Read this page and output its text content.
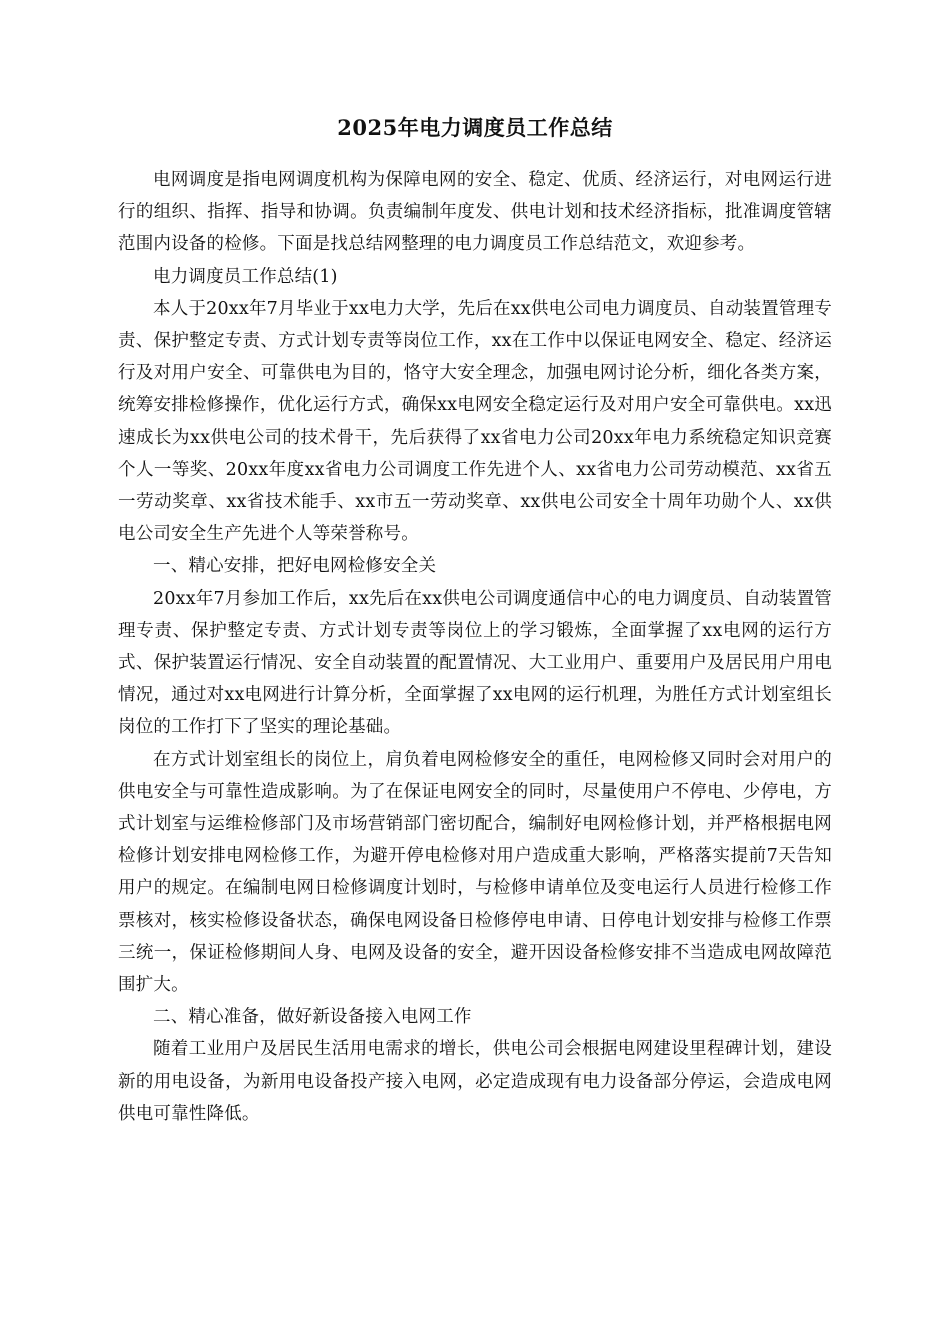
2025年电力调度员工作总结

电网调度是指电网调度机构为保障电网的安全、稳定、优质、经济运行，对电网运行进行的组织、指挥、指导和协调。负责编制年度发、供电计划和技术经济指标，批准调度管辖范围内设备的检修。下面是找总结网整理的电力调度员工作总结范文，欢迎参考。

电力调度员工作总结(1)

本人于20xx年7月毕业于xx电力大学，先后在xx供电公司电力调度员、自动装置管理专责、保护整定专责、方式计划专责等岗位工作，xx在工作中以保证电网安全、稳定、经济运行及对用户安全、可靠供电为目的，恪守大安全理念，加强电网讨论分析，细化各类方案，统筹安排检修操作，优化运行方式，确保xx电网安全稳定运行及对用户安全可靠供电。xx迅速成长为xx供电公司的技术骨干，先后获得了xx省电力公司20xx年电力系统稳定知识竞赛个人一等奖、20xx年度xx省电力公司调度工作先进个人、xx省电力公司劳动模范、xx省五一劳动奖章、xx省技术能手、xx市五一劳动奖章、xx供电公司安全十周年功勋个人、xx供电公司安全生产先进个人等荣誉称号。

一、精心安排，把好电网检修安全关

20xx年7月参加工作后，xx先后在xx供电公司调度通信中心的电力调度员、自动装置管理专责、保护整定专责、方式计划专责等岗位上的学习锻炼，全面掌握了xx电网的运行方式、保护装置运行情况、安全自动装置的配置情况、大工业用户、重要用户及居民用户用电情况，通过对xx电网进行计算分析，全面掌握了xx电网的运行机理，为胜任方式计划室组长岗位的工作打下了坚实的理论基础。

在方式计划室组长的岗位上，肩负着电网检修安全的重任，电网检修又同时会对用户的供电安全与可靠性造成影响。为了在保证电网安全的同时，尽量使用户不停电、少停电，方式计划室与运维检修部门及市场营销部门密切配合，编制好电网检修计划，并严格根据电网检修计划安排电网检修工作，为避开停电检修对用户造成重大影响，严格落实提前7天告知用户的规定。在编制电网日检修调度计划时，与检修申请单位及变电运行人员进行检修工作票核对，核实检修设备状态，确保电网设备日检修停电申请、日停电计划安排与检修工作票三统一，保证检修期间人身、电网及设备的安全，避开因设备检修安排不当造成电网故障范围扩大。

二、精心准备，做好新设备接入电网工作

随着工业用户及居民生活用电需求的增长，供电公司会根据电网建设里程碑计划，建设新的用电设备，为新用电设备投产接入电网，必定造成现有电力设备部分停运，会造成电网供电可靠性降低。
